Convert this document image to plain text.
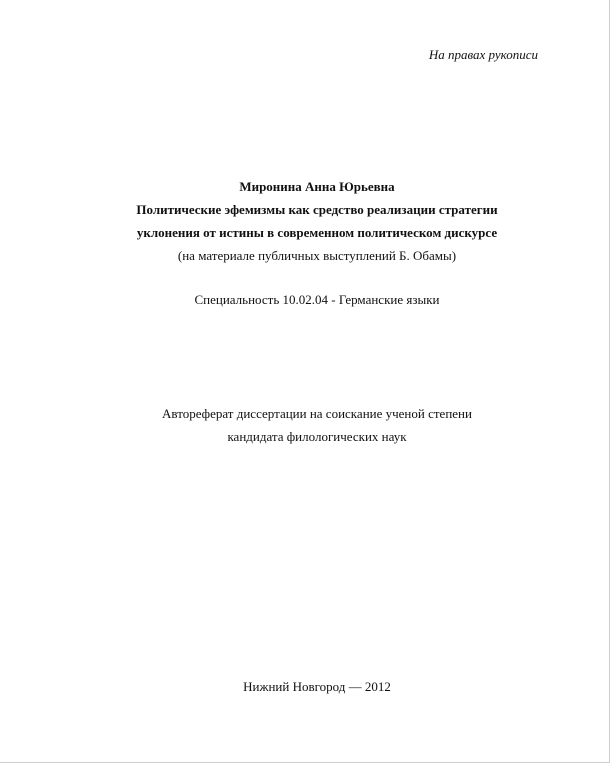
На правах рукописи
Миронина Анна Юрьевна
Политические эфемизмы как средство реализации стратегии
уклонения от истины в современном политическом дискурсе
(на материале публичных выступлений Б. Обамы)
Специальность 10.02.04 - Германские языки
Автореферат диссертации на соискание ученой степени
кандидата филологических наук
Нижний Новгород — 2012
